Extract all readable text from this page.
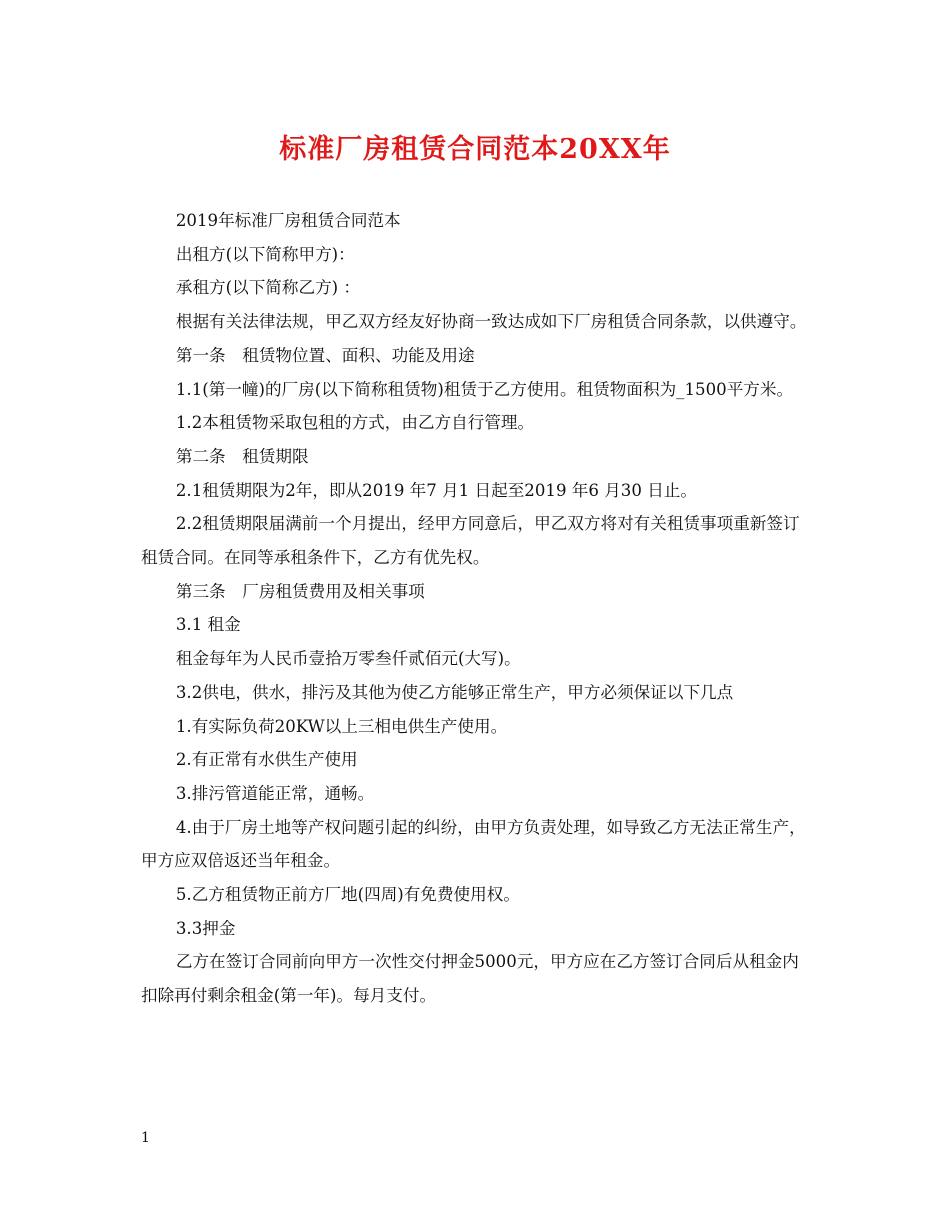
标准厂房租赁合同范本20XX年

2019年标准厂房租赁合同范本

出租方(以下简称甲方)：

承租方(以下简称乙方) ：

根据有关法律法规，甲乙双方经友好协商一致达成如下厂房租赁合同条款，以供遵守。

第一条　租赁物位置、面积、功能及用途

1.1(第一幢)的厂房(以下简称租赁物)租赁于乙方使用。租赁物面积为_1500平方米。

1.2本租赁物采取包租的方式，由乙方自行管理。

第二条　租赁期限

2.1租赁期限为2年，即从2019 年7 月1 日起至2019 年6 月30 日止。

2.2租赁期限届满前一个月提出，经甲方同意后，甲乙双方将对有关租赁事项重新签订租赁合同。在同等承租条件下，乙方有优先权。

第三条　厂房租赁费用及相关事项

3.1 租金

租金每年为人民币壹拾万零叁仟贰佰元(大写)。

3.2供电，供水，排污及其他为使乙方能够正常生产，甲方必须保证以下几点

1.有实际负荷20KW以上三相电供生产使用。

2.有正常有水供生产使用

3.排污管道能正常，通畅。

4.由于厂房土地等产权问题引起的纠纷，由甲方负责处理，如导致乙方无法正常生产，甲方应双倍返还当年租金。

5.乙方租赁物正前方厂地(四周)有免费使用权。

3.3押金

乙方在签订合同前向甲方一次性交付押金5000元，甲方应在乙方签订合同后从租金内扣除再付剩余租金(第一年)。每月支付。

1
